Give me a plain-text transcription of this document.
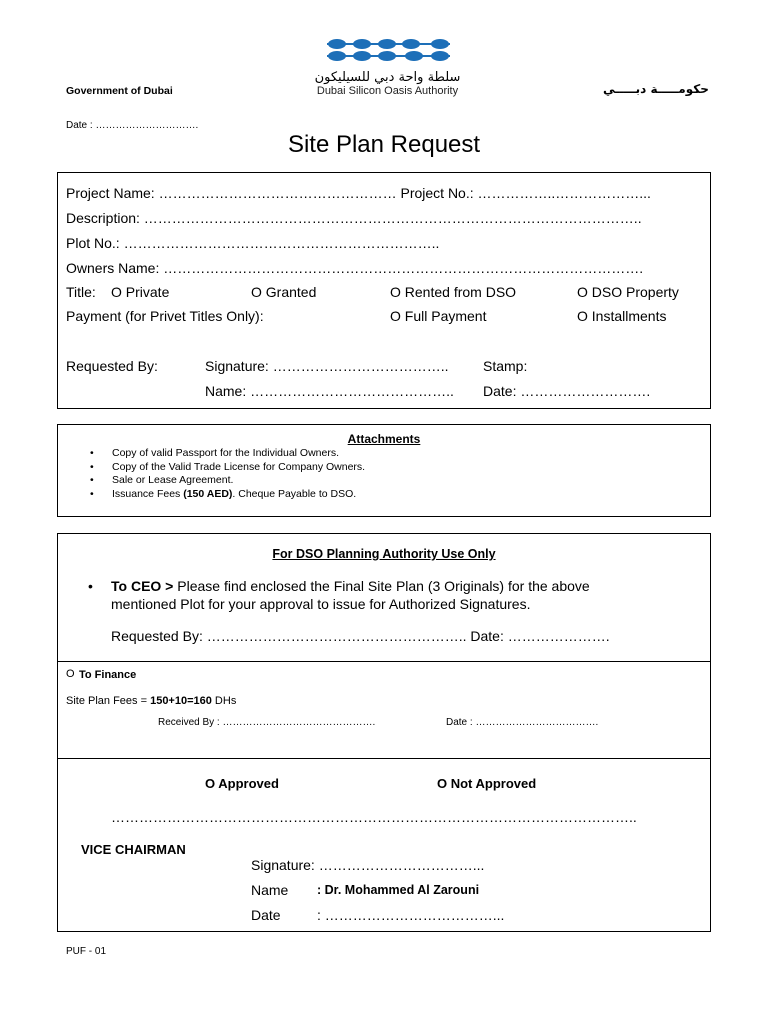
Government of Dubai
سلطة واحة دبي للسيليكون
Dubai Silicon Oasis Authority	حكومـــــة دبـــــي
Date : ………………………….
Site Plan Request
Project Name: …………………………………………… Project No.: ……………..………………...
Description: ……………………………………………………………………………………………..
Plot No.: …………………………………………………………..
Owners Name: ………………………………………………………………………………………….
Title: O Private	O Granted	O Rented from DSO	O DSO Property
Payment (for Privet Titles Only):	O Full Payment	O Installments
Requested By:	Signature: ……………………………….. Stamp:
Name: …………………………………….. Date: ……………………….
Attachments
• Copy of valid Passport for the Individual Owners.
• Copy of the Valid Trade License for Company Owners.
• Sale or Lease Agreement.
• Issuance Fees (150 AED). Cheque Payable to DSO.
For DSO Planning Authority Use Only
• To CEO > Please find enclosed the Final Site Plan (3 Originals) for the above
mentioned Plot for your approval to issue for Authorized Signatures.
Requested By: ……………………………………………….. Date: ………………….
O To Finance
Site Plan Fees = 150+10=160 DHs
Received By : ……………………………………….	Date : ……………………………….
O Approved	O Not Approved
…………………………………………………………………………………………………..
VICE CHAIRMAN
Signature: ……………………………...
Name : Dr. Mohammed Al Zarouni
Date	: ………………………………...
PUF - 01
